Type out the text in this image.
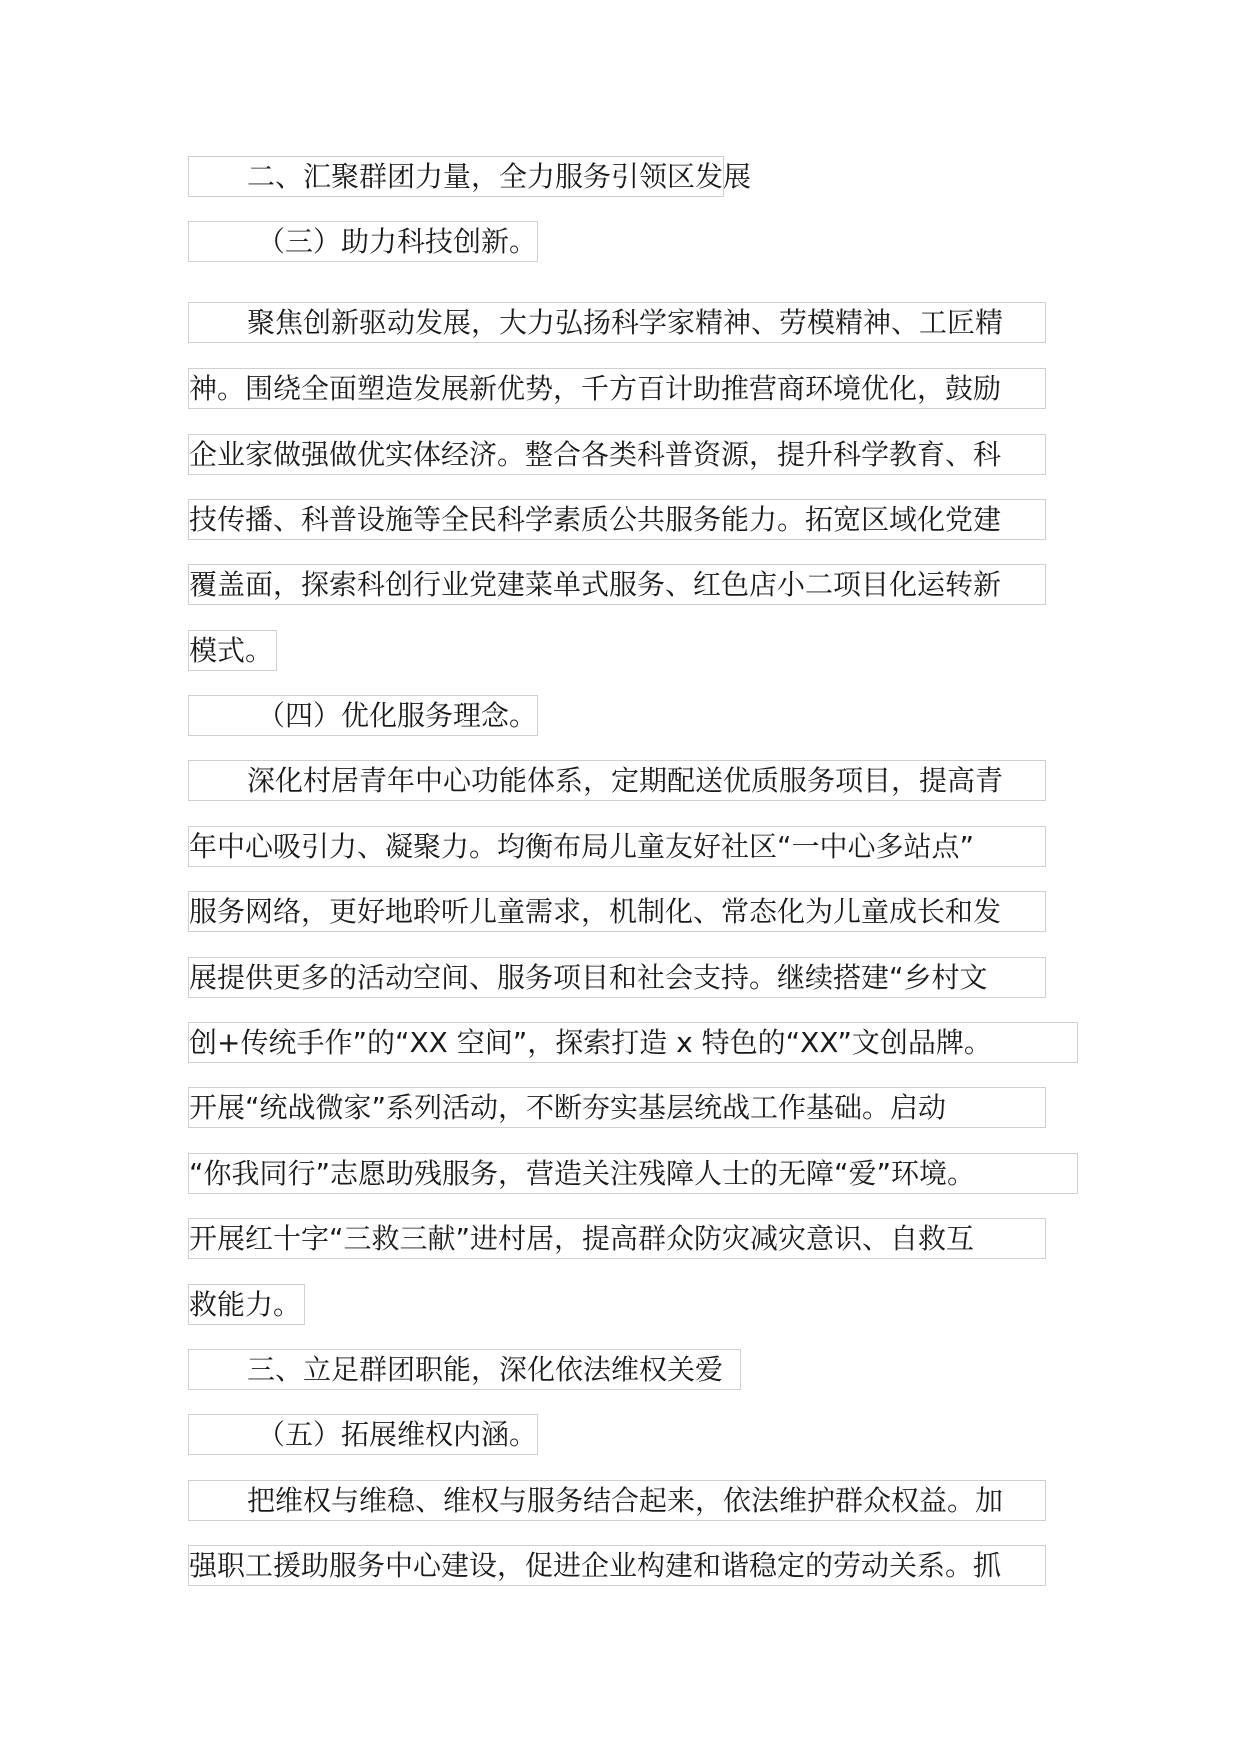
二、汇聚群团力量，全力服务引领区发展
（三）助力科技创新。
聚焦创新驱动发展，大力弘扬科学家精神、劳模精神、工匠精
神。围绕全面塑造发展新优势，千方百计助推营商环境优化，鼓励
企业家做强做优实体经济。整合各类科普资源，提升科学教育、科
技传播、科普设施等全民科学素质公共服务能力。拓宽区域化党建
覆盖面，探索科创行业党建菜单式服务、红色店小二项目化运转新
模式。
（四）优化服务理念。
深化村居青年中心功能体系，定期配送优质服务项目，提高青
年中心吸引力、凝聚力。均衡布局儿童友好社区“一中心多站点”
服务网络，更好地聆听儿童需求，机制化、常态化为儿童成长和发
展提供更多的活动空间、服务项目和社会支持。继续搭建“乡村文
创+传统手作”的“XX 空间”，探索打造 x 特色的“XX”文创品牌。
开展“统战微家”系列活动，不断夯实基层统战工作基础。启动
“你我同行”志愿助残服务，营造关注残障人士的无障“爱”环境。
开展红十字“三救三献”进村居，提高群众防灾减灾意识、自救互
救能力。
三、立足群团职能，深化依法维权关爱
（五）拓展维权内涵。
把维权与维稳、维权与服务结合起来，依法维护群众权益。加
强职工援助服务中心建设，促进企业构建和谐稳定的劳动关系。抓
